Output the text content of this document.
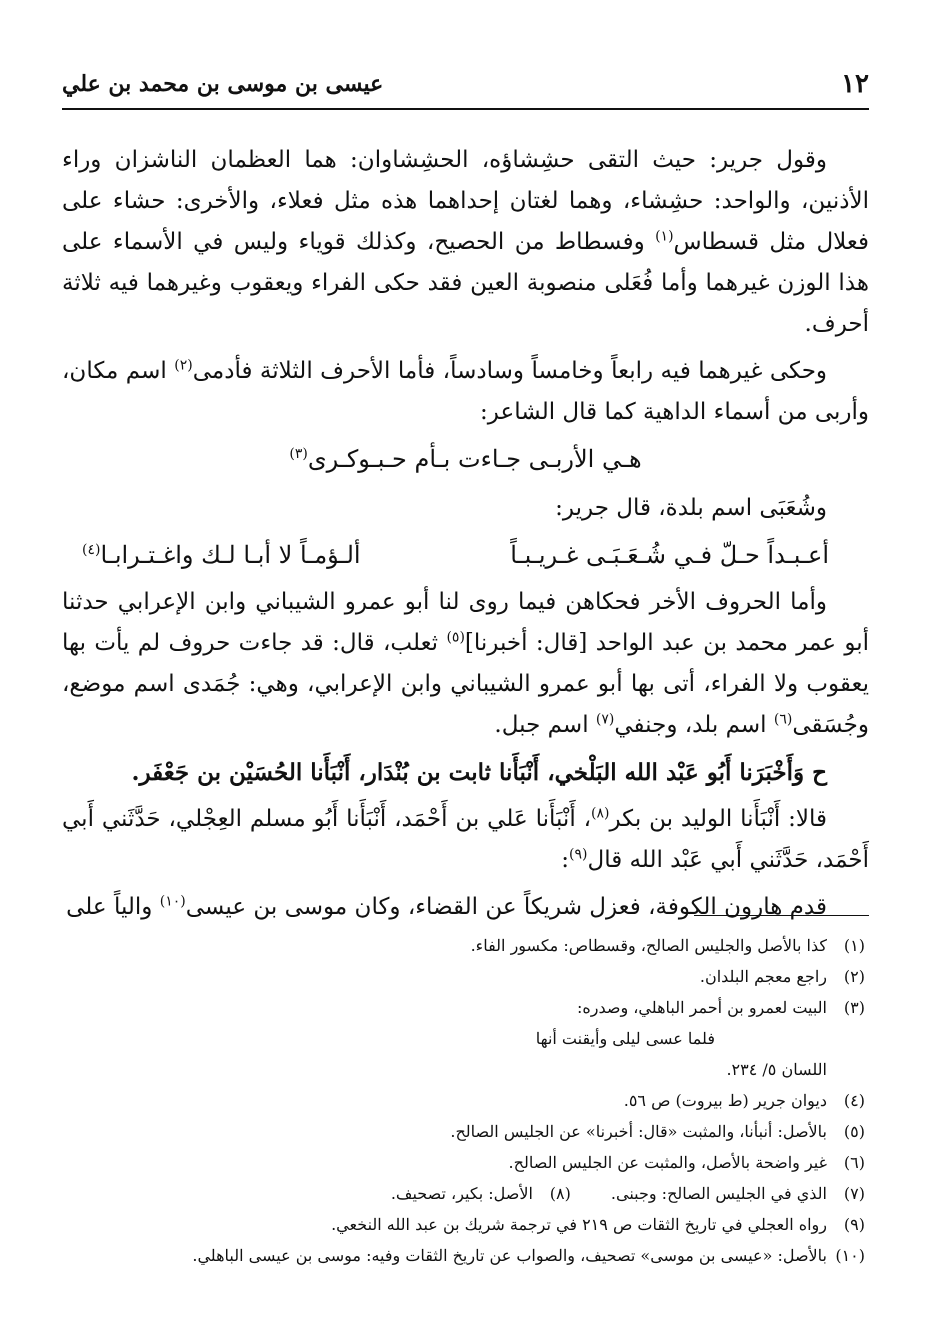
١٢
عيسى بن موسى بن محمد بن علي

وقول جرير: حيث التقى حشِشاؤه، الحشِشاوان: هما العظمان الناشزان وراء الأذنين، والواحد: حشِشاء، وهما لغتان إحداهما هذه مثل فعلاء، والأخرى: حشاء على فعلال مثل قسطاس$^{(١)}$ وفسطاط من الحصيح، وكذلك قوياء وليس في الأسماء على هذا الوزن غيرهما وأما فُعَلى منصوبة العين فقد حكى الفراء ويعقوب وغيرهما فيه ثلاثة أحرف.

وحكى غيرهما فيه رابعاً وخامساً وسادساً، فأما الأحرف الثلاثة فأدمى$^{(٢)}$ اسم مكان، وأربى من أسماء الداهية كما قال الشاعر:

هـي الأربـى جـاءت بـأم حـبـوكـرى$^{(٣)}$

وشُعَبَى اسم بلدة، قال جرير:

أعـبـداً حـلّ فـي شُـعَـبَـى غـريـبـاً
ألـؤمـاً لا أبـا لـك واغـتـرابـا$^{(٤)}$

وأما الحروف الأخر فحكاهن فيما روى لنا أبو عمرو الشيباني وابن الإعرابي حدثنا أبو عمر محمد بن عبد الواحد [قال: أخبرنا]$^{(٥)}$ ثعلب، قال: قد جاءت حروف لم يأت بها يعقوب ولا الفراء، أتى بها أبو عمرو الشيباني وابن الإعرابي، وهي: جُمَدى اسم موضع، وجُسَقى$^{(٦)}$ اسم بلد، وجنفي$^{(٧)}$ اسم جبل.

ح وَأَخْبَرَنا أَبُو عَبْد الله البَلْخي، أَنْبَأَنا ثابت بن بُنْدَار، أَنْبَأَنا الحُسَيْن بن جَعْفَر.

قالا: أَنْبَأَنا الوليد بن بكر$^{(٨)}$، أَنْبَأَنا عَلي بن أَحْمَد، أَنْبَأَنا أَبُو مسلم العِجْلي، حَدَّثَني أَبي أَحْمَد، حَدَّثَني أَبي عَبْد الله قال$^{(٩)}$:

قدم هارون الكوفة، فعزل شريكاً عن القضاء، وكان موسى بن عيسى$^{(١٠)}$ والياً على

(١)
كذا بالأصل والجليس الصالح، وقسطاص: مكسور الفاء.
(٢)
راجع معجم البلدان.
(٣)
البيت لعمرو بن أحمر الباهلي، وصدره:
فلما عسى ليلى وأيقنت أنها
اللسان ٥/ ٢٣٤.
(٤)
ديوان جرير (ط بيروت) ص ٥٦.
(٥)
بالأصل: أنبأنا، والمثبت «قال: أخبرنا» عن الجليس الصالح.
(٦)
غير واضحة بالأصل، والمثبت عن الجليس الصالح.
(٧)
الذي في الجليس الصالح: وجبنى.
(٨)
الأصل: بكير، تصحيف.
(٩)
رواه العجلي في تاريخ الثقات ص ٢١٩ في ترجمة شريك بن عبد الله النخعي.
(١٠)
بالأصل: «عيسى بن موسى» تصحيف، والصواب عن تاريخ الثقات وفيه: موسى بن عيسى الباهلي.
